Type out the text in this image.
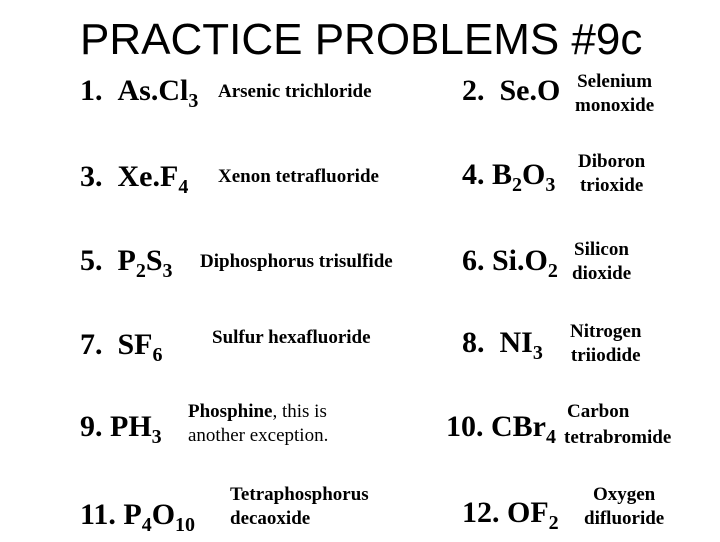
PRACTICE PROBLEMS #9c
1. $As.Cl_3$ Arsenic trichloride	2. Se.O Selenium
monoxide
3. $Xe.F_4$ Xenon tetrafluoride	4. $B_2O_3$
Diboron
trioxide
5. $P_2S_3$ Diphosphorus trisulfide 6. $Si.O_2$
Silicon
dioxide
7. $SF_6$
Sulfur hexafluoride	8. $NI_3$
Nitrogen
triiodide
9. $PH_3$
Phosphine, this is
another exception.	10. CBr$_4$
Carbon
tetrabromide
11. $P_4O_{10}$
Tetraphosphorus
decaoxide	12. $OF_2$
Oxygen
difluoride
